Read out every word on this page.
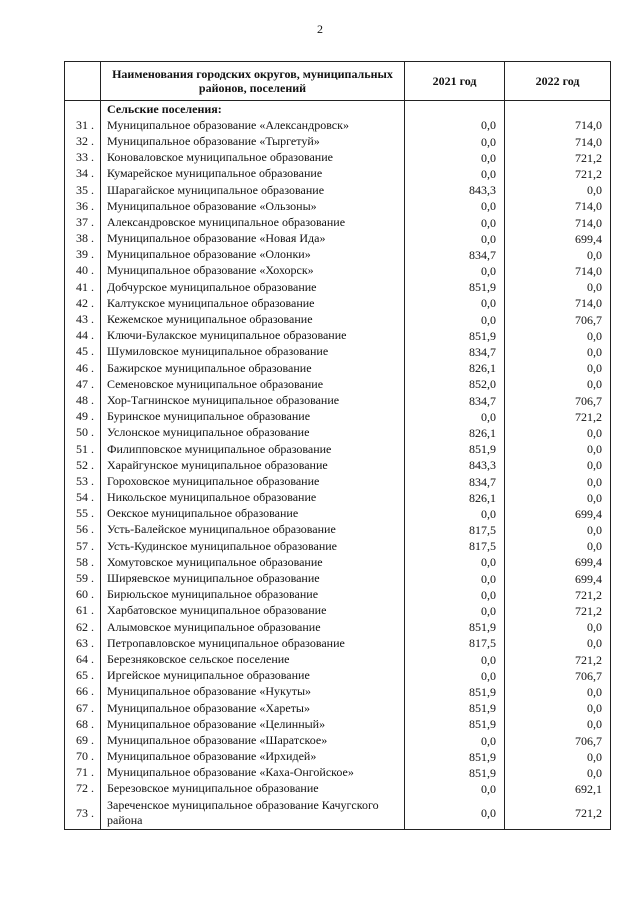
2
	Наименования городских округов, муниципальных районов, поселений	2021 год	2022 год
	Сельские поселения:		
31 .	Муниципальное образование «Александровск»	0,0	714,0
32 .	Муниципальное образование «Тыргетуй»	0,0	714,0
33 .	Коноваловское муниципальное образование	0,0	721,2
34 .	Кумарейское муниципальное образование	0,0	721,2
35 .	Шарагайское муниципальное образование	843,3	0,0
36 .	Муниципальное образование «Ользоны»	0,0	714,0
37 .	Александровское муниципальное образование	0,0	714,0
38 .	Муниципальное образование «Новая Ида»	0,0	699,4
39 .	Муниципальное образование «Олонки»	834,7	0,0
40 .	Муниципальное образование «Хохорск»	0,0	714,0
41 .	Добчурское муниципальное образование	851,9	0,0
42 .	Калтукское муниципальное образование	0,0	714,0
43 .	Кежемское муниципальное образование	0,0	706,7
44 .	Ключи-Булакское муниципальное образование	851,9	0,0
45 .	Шумиловское муниципальное образование	834,7	0,0
46 .	Бажирское муниципальное образование	826,1	0,0
47 .	Семеновское муниципальное образование	852,0	0,0
48 .	Хор-Тагнинское муниципальное образование	834,7	706,7
49 .	Буринское муниципальное образование	0,0	721,2
50 .	Услонское муниципальное образование	826,1	0,0
51 .	Филипповское муниципальное образование	851,9	0,0
52 .	Харайгунское муниципальное образование	843,3	0,0
53 .	Гороховское муниципальное образование	834,7	0,0
54 .	Никольское муниципальное образование	826,1	0,0
55 .	Оекское муниципальное образование	0,0	699,4
56 .	Усть-Балейское муниципальное образование	817,5	0,0
57 .	Усть-Кудинское муниципальное образование	817,5	0,0
58 .	Хомутовское муниципальное образование	0,0	699,4
59 .	Ширяевское муниципальное образование	0,0	699,4
60 .	Бирюльское муниципальное образование	0,0	721,2
61 .	Харбатовское муниципальное образование	0,0	721,2
62 .	Алымовское муниципальное образование	851,9	0,0
63 .	Петропавловское муниципальное образование	817,5	0,0
64 .	Березняковское сельское поселение	0,0	721,2
65 .	Иргейское муниципальное образование	0,0	706,7
66 .	Муниципальное образование «Нукуты»	851,9	0,0
67 .	Муниципальное образование «Хареты»	851,9	0,0
68 .	Муниципальное образование «Целинный»	851,9	0,0
69 .	Муниципальное образование «Шаратское»	0,0	706,7
70 .	Муниципальное образование «Ирхидей»	851,9	0,0
71 .	Муниципальное образование «Каха-Онгойское»	851,9	0,0
72 .	Березовское муниципальное образование	0,0	692,1
73 .	Зареченское муниципальное образование Качугского района	0,0	721,2
